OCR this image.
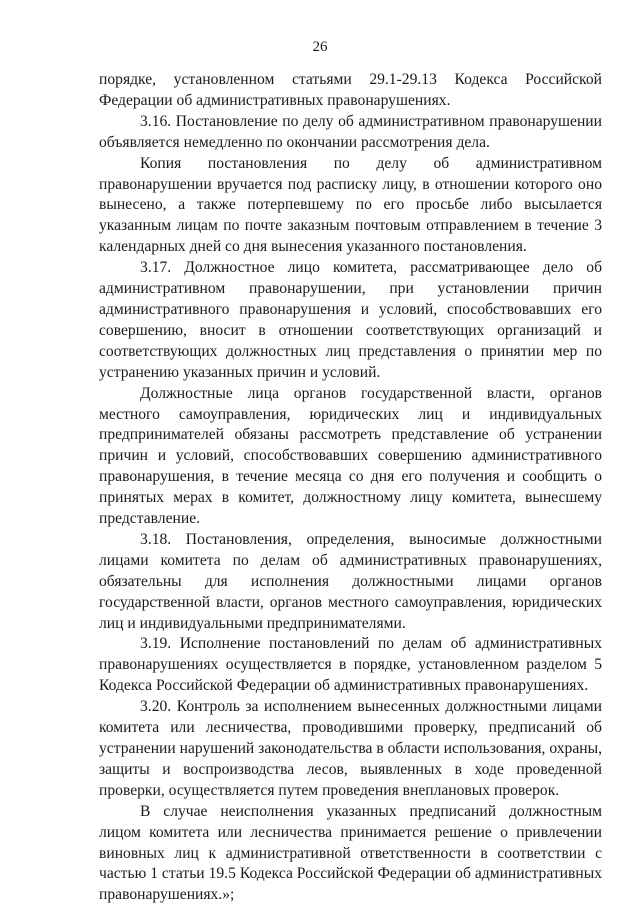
26

порядке, установленном статьями 29.1-29.13 Кодекса Российской Федерации об административных правонарушениях.

3.16. Постановление по делу об административном правонарушении объявляется немедленно по окончании рассмотрения дела.

Копия постановления по делу об административном правонарушении вручается под расписку лицу, в отношении которого оно вынесено, а также потерпевшему по его просьбе либо высылается указанным лицам по почте заказным почтовым отправлением в течение 3 календарных дней со дня вынесения указанного постановления.

3.17. Должностное лицо комитета, рассматривающее дело об административном правонарушении, при установлении причин административного правонарушения и условий, способствовавших его совершению, вносит в отношении соответствующих организаций и соответствующих должностных лиц представления о принятии мер по устранению указанных причин и условий.

Должностные лица органов государственной власти, органов местного самоуправления, юридических лиц и индивидуальных предпринимателей обязаны рассмотреть представление об устранении причин и условий, способствовавших совершению административного правонарушения, в течение месяца со дня его получения и сообщить о принятых мерах в комитет, должностному лицу комитета, вынесшему представление.

3.18. Постановления, определения, выносимые должностными лицами комитета по делам об административных правонарушениях, обязательны для исполнения должностными лицами органов государственной власти, органов местного самоуправления, юридических лиц и индивидуальными предпринимателями.

3.19. Исполнение постановлений по делам об административных правонарушениях осуществляется в порядке, установленном разделом 5 Кодекса Российской Федерации об административных правонарушениях.

3.20. Контроль за исполнением вынесенных должностными лицами комитета или лесничества, проводившими проверку, предписаний об устранении нарушений законодательства в области использования, охраны, защиты и воспроизводства лесов, выявленных в ходе проведенной проверки, осуществляется путем проведения внеплановых проверок.

В случае неисполнения указанных предписаний должностным лицом комитета или лесничества принимается решение о привлечении виновных лиц к административной ответственности в соответствии с частью 1 статьи 19.5 Кодекса Российской Федерации об административных правонарушениях.»;
